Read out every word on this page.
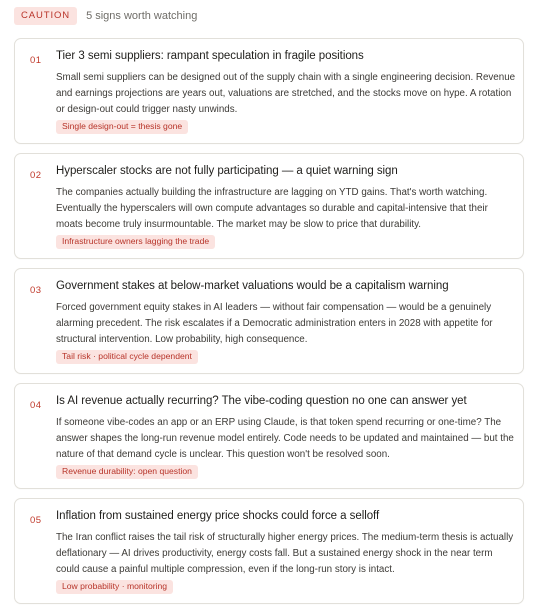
CAUTION	5 signs worth watching
01 Tier 3 semi suppliers: rampant speculation in fragile positions
Small semi suppliers can be designed out of the supply chain with a single engineering decision. Revenue and earnings projections are years out, valuations are stretched, and the stocks move on hype. A rotation or design-out could trigger nasty unwinds.
Single design-out = thesis gone
02 Hyperscaler stocks are not fully participating — a quiet warning sign
The companies actually building the infrastructure are lagging on YTD gains. That's worth watching. Eventually the hyperscalers will own compute advantages so durable and capital-intensive that their moats become truly insurmountable. The market may be slow to price that durability.
Infrastructure owners lagging the trade
03 Government stakes at below-market valuations would be a capitalism warning
Forced government equity stakes in AI leaders — without fair compensation — would be a genuinely alarming precedent. The risk escalates if a Democratic administration enters in 2028 with appetite for structural intervention. Low probability, high consequence.
Tail risk · political cycle dependent
04 Is AI revenue actually recurring? The vibe-coding question no one can answer yet
If someone vibe-codes an app or an ERP using Claude, is that token spend recurring or one-time? The answer shapes the long-run revenue model entirely. Code needs to be updated and maintained — but the nature of that demand cycle is unclear. This question won't be resolved soon.
Revenue durability: open question
05 Inflation from sustained energy price shocks could force a selloff
The Iran conflict raises the tail risk of structurally higher energy prices. The medium-term thesis is actually deflationary — AI drives productivity, energy costs fall. But a sustained energy shock in the near term could cause a painful multiple compression, even if the long-run story is intact.
Low probability · monitoring
